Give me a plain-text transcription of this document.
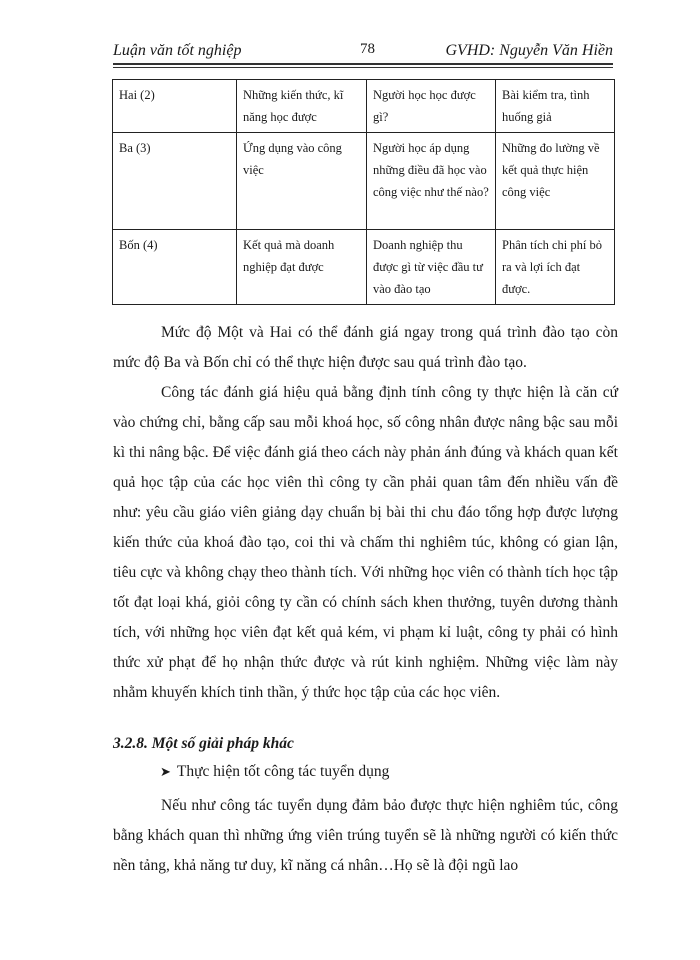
Luận văn tốt nghiệp	78	GVHD: Nguyễn Văn Hiền
Hai (2)	Những kiến thức, kĩ năng học được	Người học học được gì?	Bài kiểm tra, tình huống giả
Ba (3)	Ứng dụng vào công việc	Người học áp dụng những điều đã học vào công việc như thế nào?	Những đo lường về kết quả thực hiện công việc
Bốn (4)	Kết quả mà doanh nghiệp đạt được	Doanh nghiệp thu được gì từ việc đầu tư vào đào tạo	Phân tích chi phí bỏ ra và lợi ích đạt được.

Mức độ Một và Hai có thể đánh giá ngay trong quá trình đào tạo còn mức độ Ba và Bốn chỉ có thể thực hiện được sau quá trình đào tạo.

Công tác đánh giá hiệu quả bằng định tính công ty thực hiện là căn cứ vào chứng chỉ, bằng cấp sau mỗi khoá học, số công nhân được nâng bậc sau mỗi kì thi nâng bậc. Để việc đánh giá theo cách này phản ánh đúng và khách quan kết quả học tập của các học viên thì công ty cần phải quan tâm đến nhiều vấn đề như: yêu cầu giáo viên giảng dạy chuẩn bị bài thi chu đáo tổng hợp được lượng kiến thức của khoá đào tạo, coi thi và chấm thi nghiêm túc, không có gian lận, tiêu cực và không chạy theo thành tích. Với những học viên có thành tích học tập tốt đạt loại khá, giỏi công ty cần có chính sách khen thưởng, tuyên dương thành tích, với những học viên đạt kết quả kém, vi phạm kỉ luật, công ty phải có hình thức xử phạt để họ nhận thức được và rút kinh nghiệm. Những việc làm này nhằm khuyến khích tinh thần, ý thức học tập của các học viên.

3.2.8. Một số giải pháp khác
➤ Thực hiện tốt công tác tuyển dụng

Nếu như công tác tuyển dụng đảm bảo được thực hiện nghiêm túc, công bằng khách quan thì những ứng viên trúng tuyển sẽ là những người có kiến thức nền tảng, khả năng tư duy, kĩ năng cá nhân…Họ sẽ là đội ngũ lao
